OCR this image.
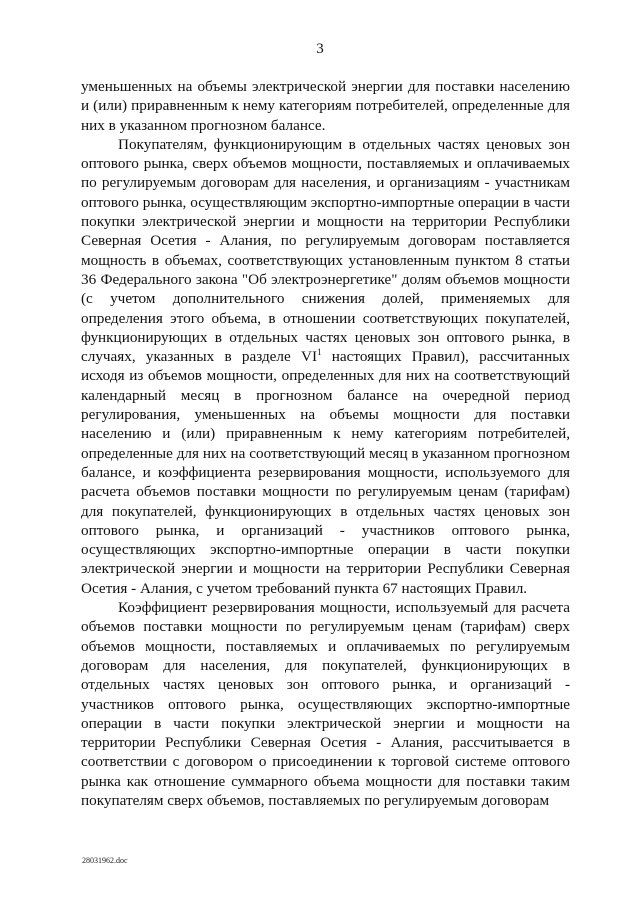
3

уменьшенных на объемы электрической энергии для поставки населению и (или) приравненным к нему категориям потребителей, определенные для них в указанном прогнозном балансе.

Покупателям, функционирующим в отдельных частях ценовых зон оптового рынка, сверх объемов мощности, поставляемых и оплачиваемых по регулируемым договорам для населения, и организациям - участникам оптового рынка, осуществляющим экспортно-импортные операции в части покупки электрической энергии и мощности на территории Республики Северная Осетия - Алания, по регулируемым договорам поставляется мощность в объемах, соответствующих установленным пунктом 8 статьи 36 Федерального закона "Об электроэнергетике" долям объемов мощности (с учетом дополнительного снижения долей, применяемых для определения этого объема, в отношении соответствующих покупателей, функционирующих в отдельных частях ценовых зон оптового рынка, в случаях, указанных в разделе $VI^1$ настоящих Правил), рассчитанных исходя из объемов мощности, определенных для них на соответствующий календарный месяц в прогнозном балансе на очередной период регулирования, уменьшенных на объемы мощности для поставки населению и (или) приравненным к нему категориям потребителей, определенные для них на соответствующий месяц в указанном прогнозном балансе, и коэффициента резервирования мощности, используемого для расчета объемов поставки мощности по регулируемым ценам (тарифам) для покупателей, функционирующих в отдельных частях ценовых зон оптового рынка, и организаций - участников оптового рынка, осуществляющих экспортно-импортные операции в части покупки электрической энергии и мощности на территории Республики Северная Осетия - Алания, с учетом требований пункта 67 настоящих Правил.

Коэффициент резервирования мощности, используемый для расчета объемов поставки мощности по регулируемым ценам (тарифам) сверх объемов мощности, поставляемых и оплачиваемых по регулируемым договорам для населения, для покупателей, функционирующих в отдельных частях ценовых зон оптового рынка, и организаций - участников оптового рынка, осуществляющих экспортно-импортные операции в части покупки электрической энергии и мощности на территории Республики Северная Осетия - Алания, рассчитывается в соответствии с договором о присоединении к торговой системе оптового рынка как отношение суммарного объема мощности для поставки таким покупателям сверх объемов, поставляемых по регулируемым договорам

28031962.doc
